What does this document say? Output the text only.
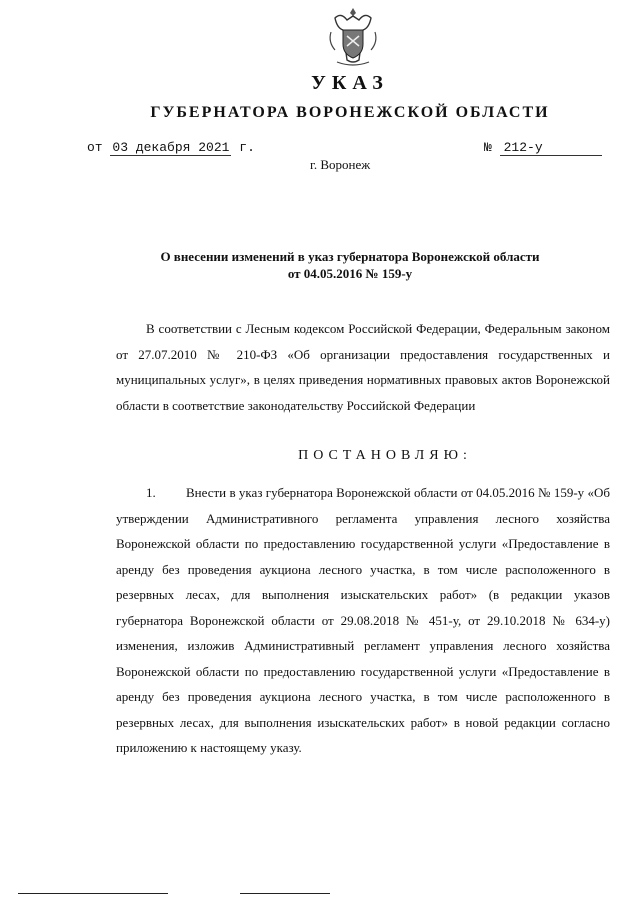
УКАЗ
ГУБЕРНАТОРА ВОРОНЕЖСКОЙ ОБЛАСТИ
от 03 декабря 2021 г.	№ 212-у
г. Воронеж
О внесении изменений в указ губернатора Воронежской области
от 04.05.2016 № 159-у
В соответствии с Лесным кодексом Российской Федерации, Федеральным законом от 27.07.2010 № 210-ФЗ «Об организации предоставления государственных и муниципальных услуг», в целях приведения нормативных правовых актов Воронежской области в соответствие законодательству Российской Федерации
ПОСТАНОВЛЯЮ:
1. Внести в указ губернатора Воронежской области от 04.05.2016 № 159-у «Об утверждении Административного регламента управления лесного хозяйства Воронежской области по предоставлению государственной услуги «Предоставление в аренду без проведения аукциона лесного участка, в том числе расположенного в резервных лесах, для выполнения изыскательских работ» (в редакции указов губернатора Воронежской области от 29.08.2018 № 451-у, от 29.10.2018 № 634-у) изменения, изложив Административный регламент управления лесного хозяйства Воронежской области по предоставлению государственной услуги «Предоставление в аренду без проведения аукциона лесного участка, в том числе расположенного в резервных лесах, для выполнения изыскательских работ» в новой редакции согласно приложению к настоящему указу.
